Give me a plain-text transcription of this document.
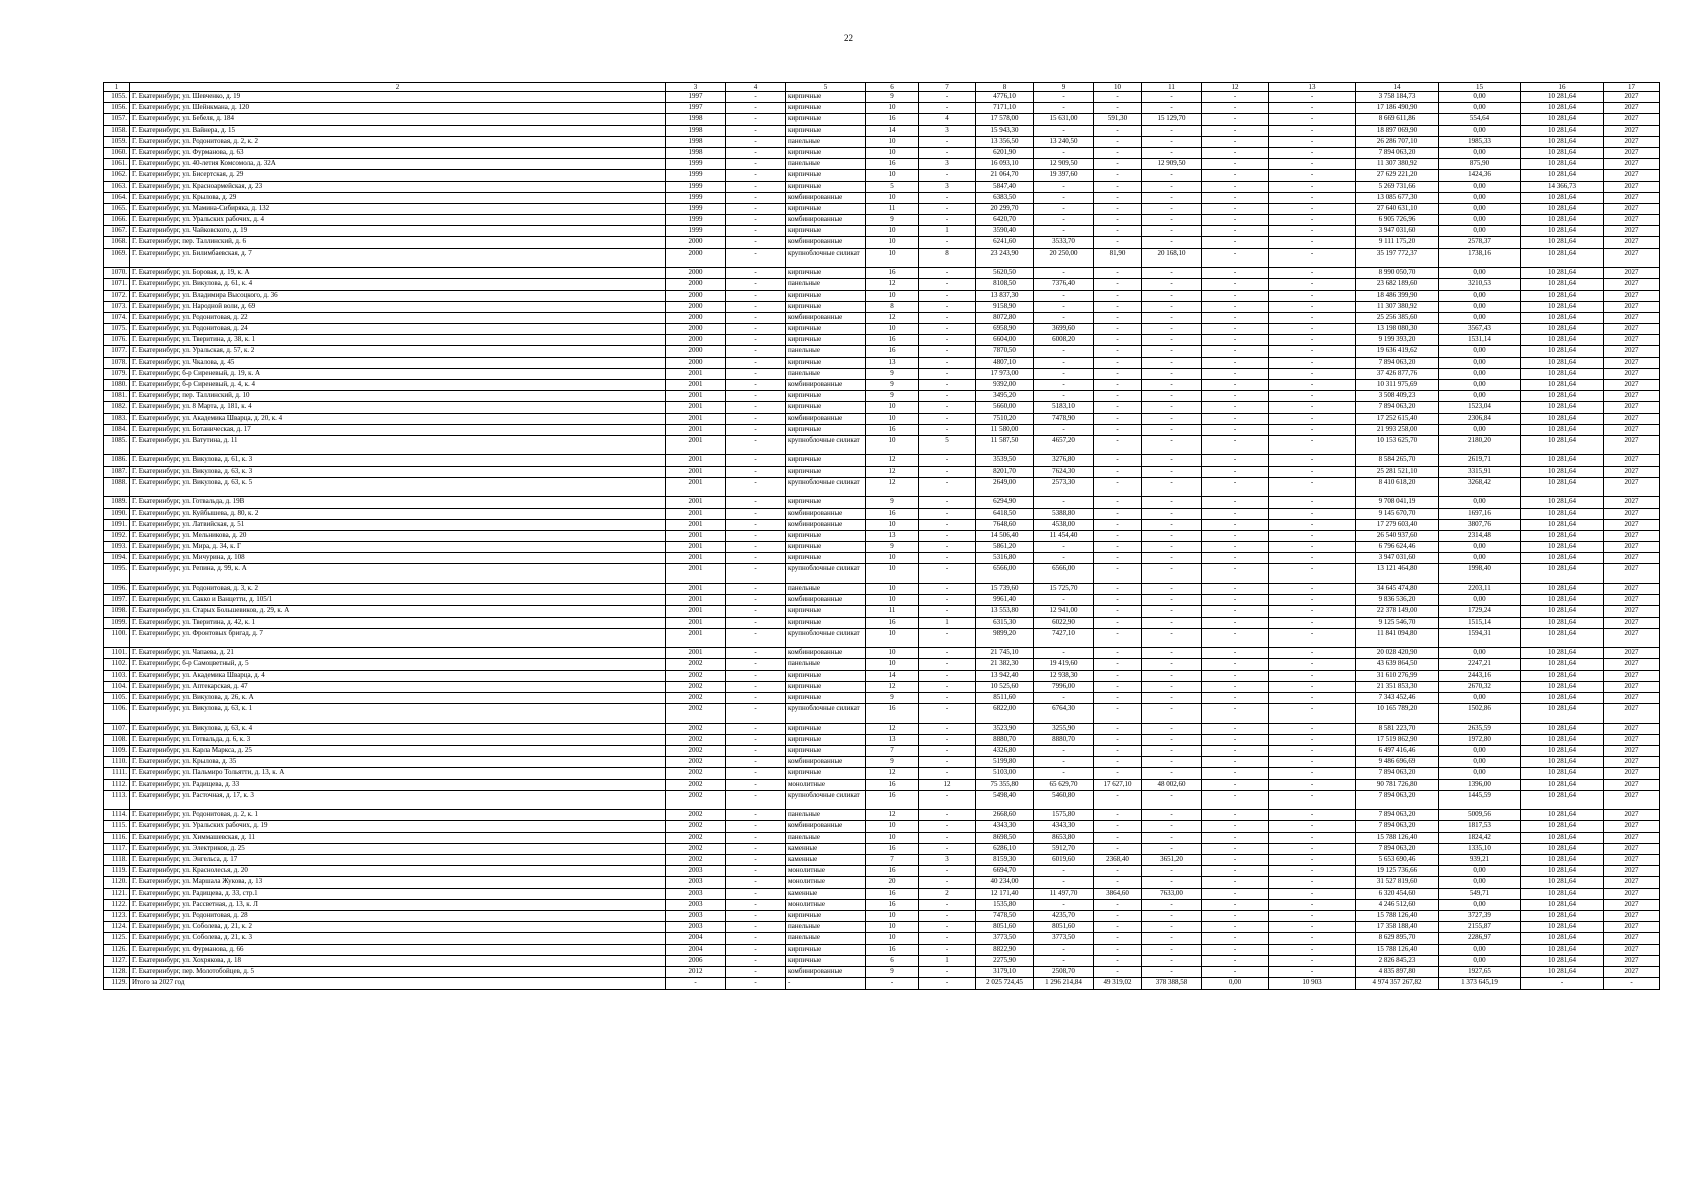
22
1	2	3	4	5	6	7	8	9	10	11	12	13	14	15	16	17
1055.	Г. Екатеринбург, ул. Шевченко, д. 19	1997	-	кирпичные	9	-	4776,10	-	-	-	-	-	3 758 184,73	0,00	10 281,64	2027
1056.	Г. Екатеринбург, ул. Шейнкмана, д. 120	1997	-	кирпичные	10	-	7171,10	-	-	-	-	-	17 186 490,90	0,00	10 281,64	2027
1057.	Г. Екатеринбург, ул. Бебеля, д. 184	1998	-	кирпичные	16	4	17 578,00	15 631,00	591,30	15 129,70	-	-	8 669 611,86	554,64	10 281,64	2027
1058.	Г. Екатеринбург, ул. Вайнера, д. 15	1998	-	кирпичные	14	3	15 943,30	-	-	-	-	-	18 897 069,90	0,00	10 281,64	2027
1059.	Г. Екатеринбург, ул. Родонитовая, д. 2, к. 2	1998	-	панельные	10	-	13 356,50	13 240,50	-	-	-	-	26 286 707,10	1985,33	10 281,64	2027
1060.	Г. Екатеринбург, ул. Фурманова, д. 63	1998	-	кирпичные	10	-	6201,90	-	-	-	-	-	7 894 063,20	0,00	10 281,64	2027
1061.	Г. Екатеринбург, ул. 40-летия Комсомола, д. 32А	1999	-	панельные	16	3	16 093,10	12 909,50	-	12 909,50	-	-	11 307 380,92	875,90	10 281,64	2027
1062.	Г. Екатеринбург, ул. Бисертская, д. 29	1999	-	кирпичные	10	-	21 064,70	19 397,60	-	-	-	-	27 629 221,20	1424,36	10 281,64	2027
1063.	Г. Екатеринбург, ул. Красноармейская, д. 23	1999	-	кирпичные	5	3	5847,40	-	-	-	-	-	5 269 731,66	0,00	14 366,73	2027
1064.	Г. Екатеринбург, ул. Крылова, д. 29	1999	-	комбинированные	10	-	6383,50	-	-	-	-	-	13 085 677,30	0,00	10 281,64	2027
1065.	Г. Екатеринбург, ул. Мамина-Сибиряка, д. 132	1999	-	кирпичные	11	-	20 299,70	-	-	-	-	-	27 640 631,10	0,00	10 281,64	2027
1066.	Г. Екатеринбург, ул. Уральских рабочих, д. 4	1999	-	комбинированные	9	-	6420,70	-	-	-	-	-	6 905 726,96	0,00	10 281,64	2027
1067.	Г. Екатеринбург, ул. Чайковского, д. 19	1999	-	кирпичные	10	1	3590,40	-	-	-	-	-	3 947 031,60	0,00	10 281,64	2027
1068.	Г. Екатеринбург, пер. Таллинский, д. 6	2000	-	комбинированные	10	-	6241,60	3533,70	-	-	-	-	9 111 175,20	2578,37	10 281,64	2027
1069.	Г. Екатеринбург, ул. Билимбаевская, д. 7	2000	-	крупноблочные силикат	10	8	23 243,90	20 250,00	81,90	20 168,10	-	-	35 197 772,37	1738,16	10 281,64	2027
1070.	Г. Екатеринбург, ул. Боровая, д. 19, к. А	2000	-	кирпичные	16	-	5620,50	-	-	-	-	-	8 990 050,70	0,00	10 281,64	2027
1071.	Г. Екатеринбург, ул. Викулова, д. 61, к. 4	2000	-	панельные	12	-	8108,50	7376,40	-	-	-	-	23 682 189,60	3210,53	10 281,64	2027
1072.	Г. Екатеринбург, ул. Владимира Высоцкого, д. 36	2000	-	кирпичные	10	-	13 837,30	-	-	-	-	-	18 486 399,90	0,00	10 281,64	2027
1073.	Г. Екатеринбург, ул. Народной воли, д. 69	2000	-	кирпичные	8	-	9158,90	-	-	-	-	-	11 307 380,92	0,00	10 281,64	2027
1074.	Г. Екатеринбург, ул. Родонитовая, д. 22	2000	-	комбинированные	12	-	8072,80	-	-	-	-	-	25 256 385,60	0,00	10 281,64	2027
1075.	Г. Екатеринбург, ул. Родонитовая, д. 24	2000	-	кирпичные	10	-	6958,90	3699,60	-	-	-	-	13 198 080,30	3567,43	10 281,64	2027
1076.	Г. Екатеринбург, ул. Тверитина, д. 38, к. 1	2000	-	кирпичные	16	-	6604,00	6008,20	-	-	-	-	9 199 393,20	1531,14	10 281,64	2027
1077.	Г. Екатеринбург, ул. Уральская, д. 57, к. 2	2000	-	панельные	16	-	7870,50	-	-	-	-	-	19 636 419,62	0,00	10 281,64	2027
1078.	Г. Екатеринбург, ул. Чкалова, д. 45	2000	-	кирпичные	13	-	4807,10	-	-	-	-	-	7 894 063,20	0,00	10 281,64	2027
1079.	Г. Екатеринбург, б-р Сиреневый, д. 19, к. А	2001	-	панельные	9	-	17 973,00	-	-	-	-	-	37 426 877,76	0,00	10 281,64	2027
1080.	Г. Екатеринбург, б-р Сиреневый, д. 4, к. 4	2001	-	комбинированные	9	-	9392,00	-	-	-	-	-	10 311 975,69	0,00	10 281,64	2027
1081.	Г. Екатеринбург, пер. Таллинский, д. 10	2001	-	кирпичные	9	-	3495,20	-	-	-	-	-	3 508 409,23	0,00	10 281,64	2027
1082.	Г. Екатеринбург, ул. 8 Марта, д. 181, к. 4	2001	-	кирпичные	10	-	5660,00	5183,10	-	-	-	-	7 894 063,20	1523,04	10 281,64	2027
1083.	Г. Екатеринбург, ул. Академика Шварца, д. 20, к. 4	2001	-	комбинированные	10	-	7510,20	7478,90	-	-	-	-	17 252 615,40	2306,84	10 281,64	2027
1084.	Г. Екатеринбург, ул. Ботаническая, д. 17	2001	-	кирпичные	16	-	11 580,00	-	-	-	-	-	21 993 258,00	0,00	10 281,64	2027
1085.	Г. Екатеринбург, ул. Ватутина, д. 11	2001	-	крупноблочные силикат	10	5	11 587,50	4657,20	-	-	-	-	10 153 625,70	2180,20	10 281,64	2027
1086.	Г. Екатеринбург, ул. Викулова, д. 61, к. 3	2001	-	кирпичные	12	-	3539,50	3276,80	-	-	-	-	8 584 265,70	2619,71	10 281,64	2027
1087.	Г. Екатеринбург, ул. Викулова, д. 63, к. 3	2001	-	кирпичные	12	-	8201,70	7624,30	-	-	-	-	25 281 521,10	3315,91	10 281,64	2027
1088.	Г. Екатеринбург, ул. Викулова, д. 63, к. 5	2001	-	крупноблочные силикат	12	-	2649,00	2573,30	-	-	-	-	8 410 618,20	3268,42	10 281,64	2027
1089.	Г. Екатеринбург, ул. Готвальда, д. 19В	2001	-	кирпичные	9	-	6294,90	-	-	-	-	-	9 708 041,19	0,00	10 281,64	2027
1090.	Г. Екатеринбург, ул. Куйбышева, д. 80, к. 2	2001	-	комбинированные	16	-	6418,50	5388,80	-	-	-	-	9 145 670,70	1697,16	10 281,64	2027
1091.	Г. Екатеринбург, ул. Латвийская, д. 51	2001	-	комбинированные	10	-	7648,60	4538,00	-	-	-	-	17 279 603,40	3807,76	10 281,64	2027
1092.	Г. Екатеринбург, ул. Мельникова, д. 20	2001	-	кирпичные	13	-	14 506,40	11 454,40	-	-	-	-	26 540 937,60	2314,48	10 281,64	2027
1093.	Г. Екатеринбург, ул. Мира, д. 34, к. Г	2001	-	кирпичные	9	-	5861,20	-	-	-	-	-	6 796 624,46	0,00	10 281,64	2027
1094.	Г. Екатеринбург, ул. Мичурина, д. 108	2001	-	кирпичные	10	-	5316,80	-	-	-	-	-	3 947 031,60	0,00	10 281,64	2027
1095.	Г. Екатеринбург, ул. Репина, д. 99, к. А	2001	-	крупноблочные силикат	10	-	6566,00	6566,00	-	-	-	-	13 121 464,80	1998,40	10 281,64	2027
1096.	Г. Екатеринбург, ул. Родонитовая, д. 3, к. 2	2001	-	панельные	10	-	15 739,60	15 725,70	-	-	-	-	34 645 474,80	2203,11	10 281,64	2027
1097.	Г. Екатеринбург, ул. Сакко и Ванцетти, д. 105/1	2001	-	комбинированные	10	-	9961,40	-	-	-	-	-	9 836 536,20	0,00	10 281,64	2027
1098.	Г. Екатеринбург, ул. Старых Большевиков, д. 29, к. А	2001	-	кирпичные	11	-	13 553,80	12 941,00	-	-	-	-	22 378 149,00	1729,24	10 281,64	2027
1099.	Г. Екатеринбург, ул. Тверитина, д. 42, к. 1	2001	-	кирпичные	16	1	6315,30	6022,90	-	-	-	-	9 125 546,70	1515,14	10 281,64	2027
1100.	Г. Екатеринбург, ул. Фронтовых бригад, д. 7	2001	-	крупноблочные силикат	10	-	9899,20	7427,10	-	-	-	-	11 841 094,80	1594,31	10 281,64	2027
1101.	Г. Екатеринбург, ул. Чапаева, д. 21	2001	-	комбинированные	10	-	21 745,10	-	-	-	-	-	20 028 420,90	0,00	10 281,64	2027
1102.	Г. Екатеринбург, б-р Самоцветный, д. 5	2002	-	панельные	10	-	21 382,30	19 419,60	-	-	-	-	43 639 864,50	2247,21	10 281,64	2027
1103.	Г. Екатеринбург, ул. Академика Шварца, д. 4	2002	-	кирпичные	14	-	13 942,40	12 938,30	-	-	-	-	31 610 276,99	2443,16	10 281,64	2027
1104.	Г. Екатеринбург, ул. Аптекарская, д. 47	2002	-	кирпичные	12	-	10 525,60	7996,00	-	-	-	-	21 351 853,30	2670,32	10 281,64	2027
1105.	Г. Екатеринбург, ул. Викулова, д. 26, к. А	2002	-	кирпичные	9	-	8511,60	-	-	-	-	-	7 343 452,46	0,00	10 281,64	2027
1106.	Г. Екатеринбург, ул. Викулова, д. 63, к. 1	2002	-	крупноблочные силикат	16	-	6822,00	6764,30	-	-	-	-	10 165 789,20	1502,86	10 281,64	2027
1107.	Г. Екатеринбург, ул. Викулова, д. 63, к. 4	2002	-	кирпичные	12	-	3523,90	3255,90	-	-	-	-	8 581 223,70	2635,59	10 281,64	2027
1108.	Г. Екатеринбург, ул. Готвальда, д. 6, к. 3	2002	-	кирпичные	13	-	8880,70	8880,70	-	-	-	-	17 519 862,90	1972,80	10 281,64	2027
1109.	Г. Екатеринбург, ул. Карла Маркса, д. 25	2002	-	кирпичные	7	-	4326,80	-	-	-	-	-	6 497 416,46	0,00	10 281,64	2027
1110.	Г. Екатеринбург, ул. Крылова, д. 35	2002	-	комбинированные	9	-	5199,80	-	-	-	-	-	9 486 696,69	0,00	10 281,64	2027
1111.	Г. Екатеринбург, ул. Пальмиро Тольятти, д. 13, к. А	2002	-	кирпичные	12	-	5103,00	-	-	-	-	-	7 894 063,20	0,00	10 281,64	2027
1112.	Г. Екатеринбург, ул. Радищева, д. 33	2002	-	монолитные	16	12	75 355,80	65 629,70	17 627,10	48 002,60	-	-	90 781 726,80	1396,00	10 281,64	2027
1113.	Г. Екатеринбург, ул. Расточная, д. 17, к. 3	2002	-	крупноблочные силикат	16	-	5498,40	5460,80	-	-	-	-	7 894 063,20	1445,59	10 281,64	2027
1114.	Г. Екатеринбург, ул. Родонитовая, д. 2, к. 1	2002	-	панельные	12	-	2668,60	1575,80	-	-	-	-	7 894 063,20	5009,56	10 281,64	2027
1115.	Г. Екатеринбург, ул. Уральских рабочих, д. 19	2002	-	комбинированные	10	-	4343,30	4343,30	-	-	-	-	7 894 063,20	1817,53	10 281,64	2027
1116.	Г. Екатеринбург, ул. Химмашевская, д. 11	2002	-	панельные	10	-	8698,50	8653,80	-	-	-	-	15 788 126,40	1824,42	10 281,64	2027
1117.	Г. Екатеринбург, ул. Электриков, д. 25	2002	-	каменные	16	-	6286,10	5912,70	-	-	-	-	7 894 063,20	1335,10	10 281,64	2027
1118.	Г. Екатеринбург, ул. Энгельса, д. 17	2002	-	каменные	7	3	8159,30	6019,60	2368,40	3651,20	-	-	5 653 690,46	939,21	10 281,64	2027
1119.	Г. Екатеринбург, ул. Краснолесья, д. 20	2003	-	монолитные	16	-	6694,70	-	-	-	-	-	19 125 736,66	0,00	10 281,64	2027
1120.	Г. Екатеринбург, ул. Маршала Жукова, д. 13	2003	-	монолитные	20	-	40 234,00	-	-	-	-	-	31 527 819,60	0,00	10 281,64	2027
1121.	Г. Екатеринбург, ул. Радищева, д. 33, стр.1	2003	-	каменные	16	2	12 171,40	11 497,70	3864,60	7633,00	-	-	6 320 454,60	549,71	10 281,64	2027
1122.	Г. Екатеринбург, ул. Рассветная, д. 13, к. Л	2003	-	монолитные	16	-	1535,80	-	-	-	-	-	4 246 512,60	0,00	10 281,64	2027
1123.	Г. Екатеринбург, ул. Родонитовая, д. 28	2003	-	кирпичные	10	-	7478,50	4235,70	-	-	-	-	15 788 126,40	3727,39	10 281,64	2027
1124.	Г. Екатеринбург, ул. Соболева, д. 21, к. 2	2003	-	панельные	10	-	8051,60	8051,60	-	-	-	-	17 358 188,40	2155,87	10 281,64	2027
1125.	Г. Екатеринбург, ул. Соболева, д. 21, к. 3	2004	-	панельные	10	-	3773,50	3773,50	-	-	-	-	8 629 895,70	2286,97	10 281,64	2027
1126.	Г. Екатеринбург, ул. Фурманова, д. 66	2004	-	кирпичные	16	-	8822,90	-	-	-	-	-	15 788 126,40	0,00	10 281,64	2027
1127.	Г. Екатеринбург, ул. Хохрякова, д. 18	2006	-	кирпичные	6	1	2275,90	-	-	-	-	-	2 826 845,23	0,00	10 281,64	2027
1128.	Г. Екатеринбург, пер. Молотобойцев, д. 5	2012	-	комбинированные	9	-	3179,10	2508,70	-	-	-	-	4 835 897,80	1927,65	10 281,64	2027
1129.	Итого за 2027 год	-	-	-	-	-	2 025 724,45	1 296 214,84	49 319,02	378 388,58	0,00	10 903	4 974 357 267,82	1 373 645,19	-	-
